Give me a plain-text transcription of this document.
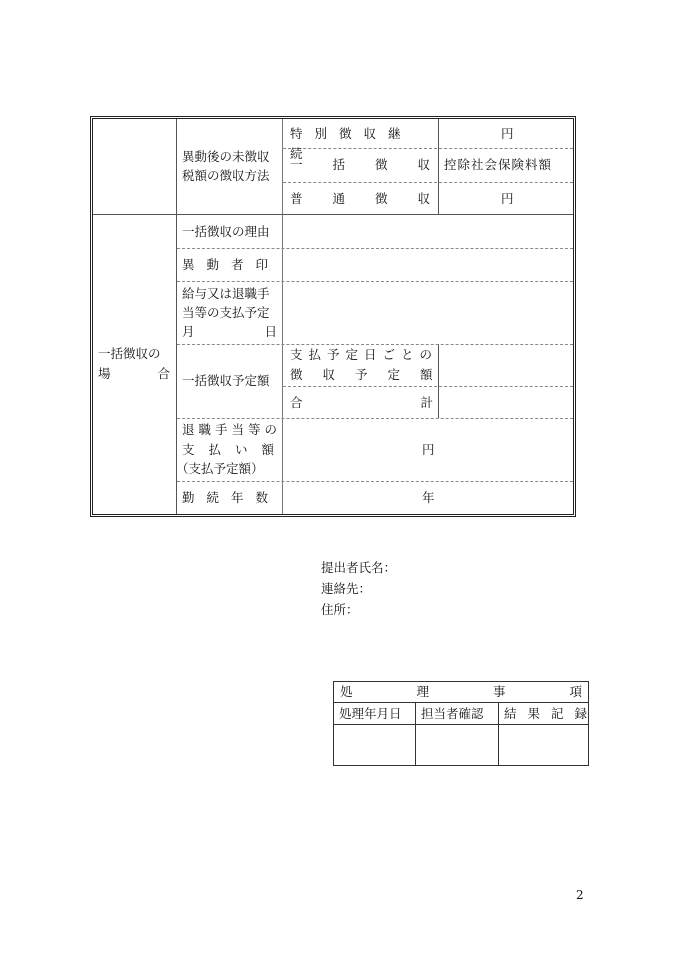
異動後の未徴収
税額の徴収方法
特別徴収継続
円
一括徴収
控除社会保険料額
普通徴収	円
一括徴収の
場合
一括徴収の理由
異動者印
給与又は退職手
当等の支払予定
月日
一括徴収予定額
支払予定日ごとの
徴収予定額
合計
退職手当等の
支払い額
（支払予定額）
円
勤続年数	年
提出者氏名：
連絡先：
住所：
処理事項
処理年月日 担当者確認 結果記録
2
